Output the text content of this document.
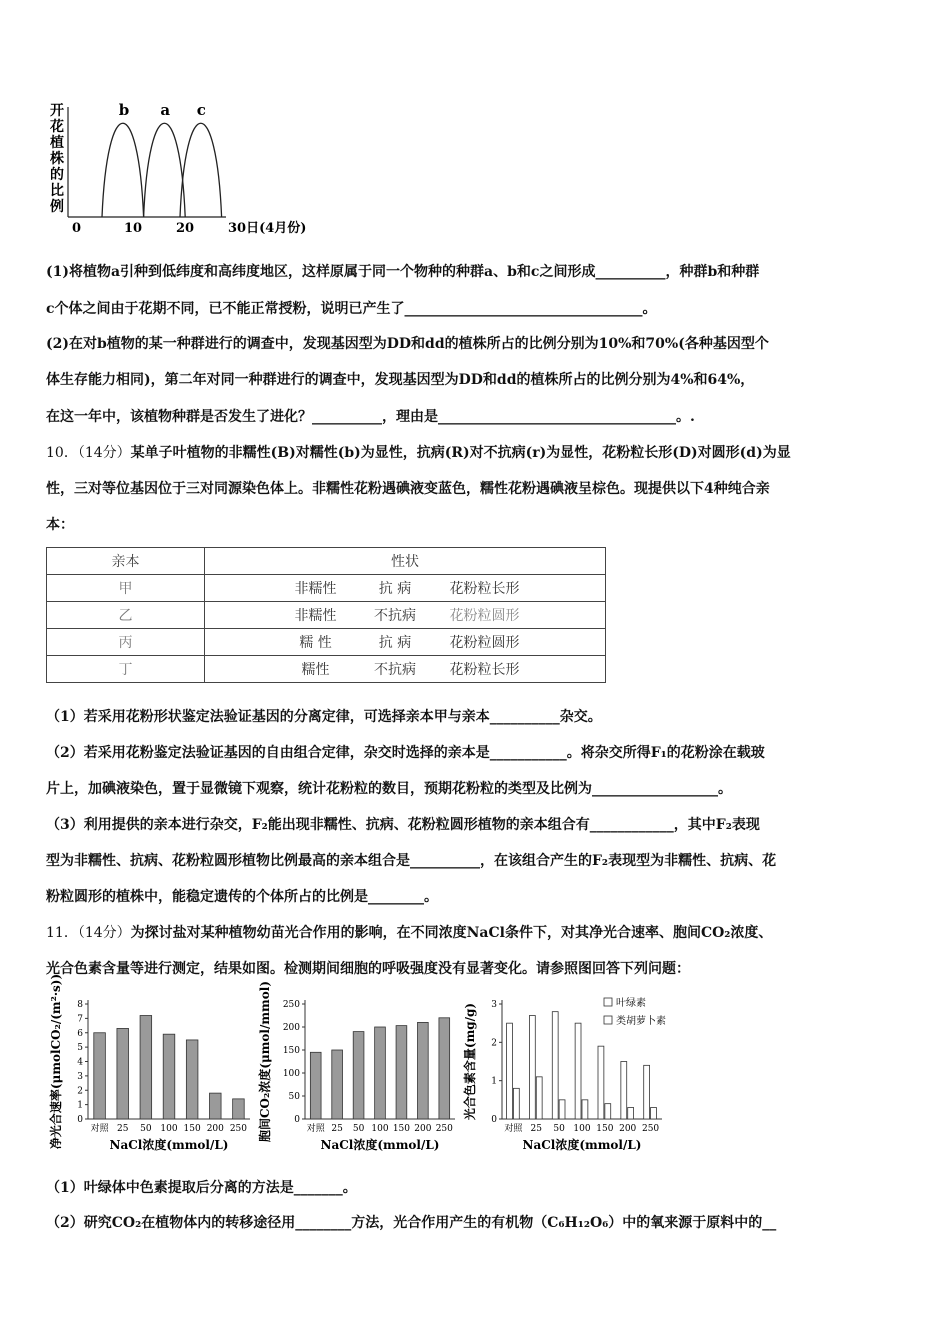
开
花
植
株
的
比
例
b a c
0	10	20	30日(4月份)
(1)将植物a引种到低纬度和高纬度地区，这样原属于同一个物种的种群a、b和c之间形成__________，种群b和种群
c个体之间由于花期不同，已不能正常授粉，说明已产生了__________________________________。
(2)在对b植物的某一种群进行的调查中，发现基因型为DD和dd的植株所占的比例分别为10%和70%(各种基因型个
体生存能力相同)，第二年对同一种群进行的调查中，发现基因型为DD和dd的植株所占的比例分别为4%和64%，
在这一年中，该植物种群是否发生了进化？__________，理由是__________________________________。.
10．（14分）某单子叶植物的非糯性(B)对糯性(b)为显性，抗病(R)对不抗病(r)为显性，花粉粒长形(D)对圆形(d)为显
性，三对等位基因位于三对同源染色体上。非糯性花粉遇碘液变蓝色，糯性花粉遇碘液呈棕色。现提供以下4种纯合亲
本：
亲本	性状
甲	非糯性 抗 病 花粉粒长形
乙	非糯性 不抗病 花粉粒圆形
丙	糯 性 抗 病 花粉粒圆形
丁	糯性 不抗病 花粉粒长形
（1）若采用花粉形状鉴定法验证基因的分离定律，可选择亲本甲与亲本__________杂交。
（2）若采用花粉鉴定法验证基因的自由组合定律，杂交时选择的亲本是___________。将杂交所得F₁的花粉涂在载玻
片上，加碘液染色，置于显微镜下观察，统计花粉粒的数目，预期花粉粒的类型及比例为__________________。
（3）利用提供的亲本进行杂交，F₂能出现非糯性、抗病、花粉粒圆形植物的亲本组合有____________，其中F₂表现
型为非糯性、抗病、花粉粒圆形植物比例最高的亲本组合是__________，在该组合产生的F₂表现型为非糯性、抗病、花
粉粒圆形的植株中，能稳定遗传的个体所占的比例是________。
11．（14分）为探讨盐对某种植物幼苗光合作用的影响，在不同浓度NaCl条件下，对其净光合速率、胞间CO₂浓度、
光合色素含量等进行测定，结果如图。检测期间细胞的呼吸强度没有显著变化。请参照图回答下列问题：
净光合速率(μmolCO₂/(m²·s)) 0
1
2
3
4
5
6
7
8
对照 25 50 100 150 200 250
NaCl浓度(mmol/L)
胞间CO₂浓度(μmol/mmol) 0
50
100
150
200
250
对照 25 50 100 150 200 250
NaCl浓度(mmol/L)
光合色素含量(mg/g) 0
1
2
3
对照 25 50 100 150 200 250
NaCl浓度(mmol/L)
叶绿素
类胡萝卜素
（1）叶绿体中色素提取后分离的方法是_______。
（2）研究CO₂在植物体内的转移途径用________方法，光合作用产生的有机物（C₆H₁₂O₆）中的氧来源于原料中的__
